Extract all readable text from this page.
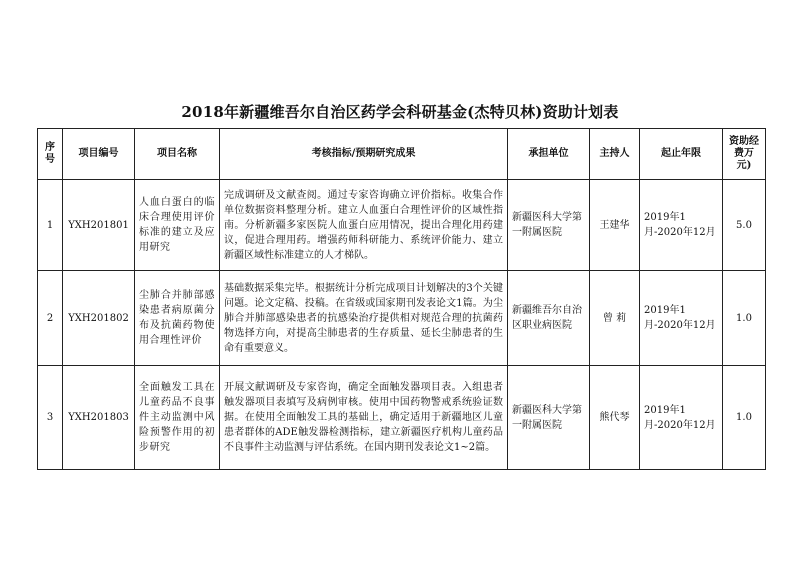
2018年新疆维吾尔自治区药学会科研基金(杰特贝林)资助计划表
序号	项目编号	项目名称	考核指标/预期研究成果	承担单位	主持人	起止年限	资助经费万元)
1	YXH201801	人血白蛋白的临床合理使用评价标准的建立及应用研究	完成调研及文献查阅。通过专家咨询确立评价指标。收集合作单位数据资料整理分析。建立人血蛋白合理性评价的区域性指南。分析新疆多家医院人血蛋白应用情况，提出合理化用药建议，促进合理用药。增强药师科研能力、系统评价能力、建立新疆区域性标准建立的人才梯队。	新疆医科大学第一附属医院	王建华	2019年1月-2020年12月	5.0
2	YXH201802	尘肺合并肺部感染患者病原菌分布及抗菌药物使用合理性评价	基础数据采集完毕。根据统计分析完成项目计划解决的3个关键问题。论文定稿、投稿。在省级或国家期刊发表论文1篇。为尘肺合并肺部感染患者的抗感染治疗提供相对规范合理的抗菌药物选择方向，对提高尘肺患者的生存质量、延长尘肺患者的生命有重要意义。	新疆维吾尔自治区职业病医院	曾 莉	2019年1月-2020年12月	1.0
3	YXH201803	全面触发工具在儿童药品不良事件主动监测中风险预警作用的初步研究	开展文献调研及专家咨询，确定全面触发器项目表。入组患者触发器项目表填写及病例审核。使用中国药物警戒系统验证数据。在使用全面触发工具的基础上，确定适用于新疆地区儿童患者群体的ADE触发器检测指标，建立新疆医疗机构儿童药品不良事件主动监测与评估系统。在国内期刊发表论文1~2篇。	新疆医科大学第一附属医院	熊代琴	2019年1月-2020年12月	1.0
